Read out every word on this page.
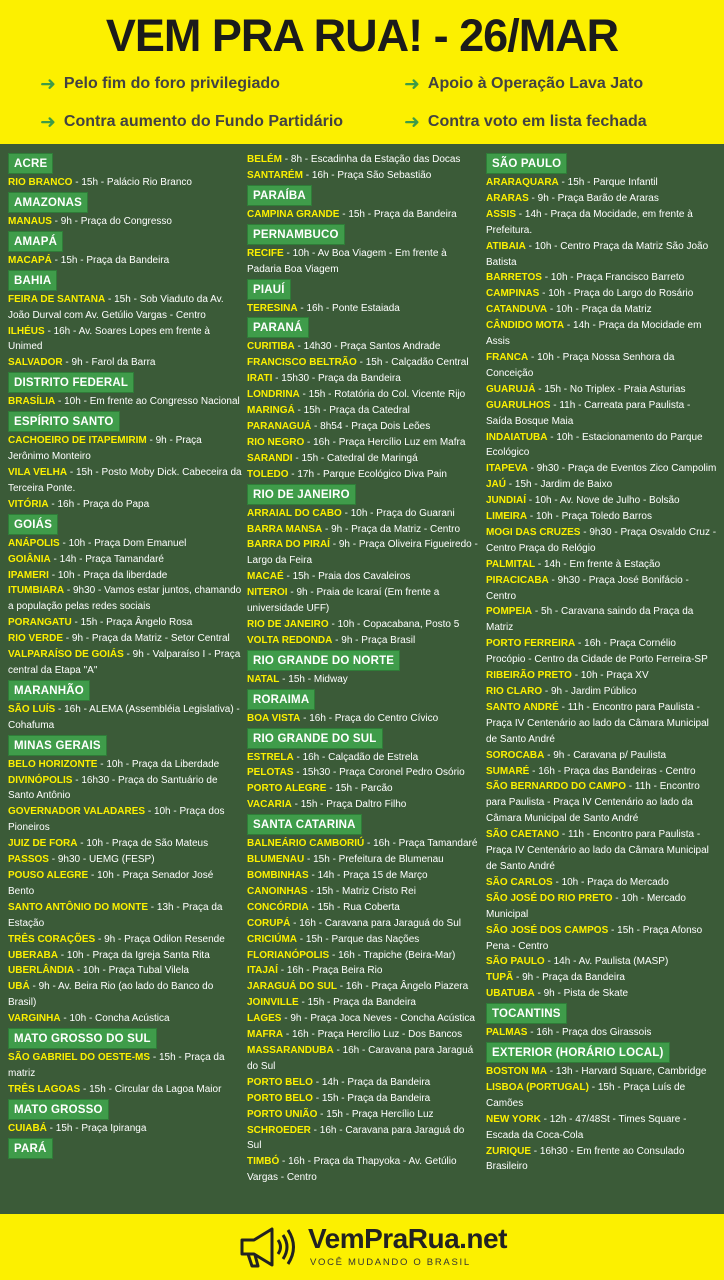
VEM PRA RUA! - 26/MAR
➜ Pelo fim do foro privilegiado	➜ Apoio à Operação Lava Jato
➜ Contra aumento do Fundo Partidário	➜ Contra voto em lista fechada
ACRE

RIO BRANCO - 15h - Palácio Rio Branco
AMAZONAS

MANAUS - 9h - Praça do Congresso
AMAPÁ

MACAPÁ - 15h - Praça da Bandeira
BAHIA

FEIRA DE SANTANA - 15h - Sob Viaduto da Av. João Durval com Av. Getúlio Vargas - Centro
ILHÉUS - 16h - Av. Soares Lopes em frente à Unimed
SALVADOR - 9h - Farol da Barra
DISTRITO FEDERAL

BRASÍLIA - 10h - Em frente ao Congresso Nacional
ESPÍRITO SANTO

CACHOEIRO DE ITAPEMIRIM - 9h - Praça Jerônimo Monteiro
VILA VELHA - 15h - Posto Moby Dick. Cabeceira da Terceira Ponte.
VITÓRIA - 16h - Praça do Papa
GOIÁS

ANÁPOLIS - 10h - Praça Dom Emanuel
GOIÂNIA - 14h - Praça Tamandaré
IPAMERI - 10h - Praça da liberdade
ITUMBIARA - 9h30 - Vamos estar juntos, chamando a população pelas redes sociais
PORANGATU - 15h - Praça Ângelo Rosa
RIO VERDE - 9h - Praça da Matriz - Setor Central
VALPARAÍSO DE GOIÁS - 9h - Valparaíso I - Praça central da Etapa "A"
MARANHÃO

SÃO LUÍS - 16h - ALEMA (Assembléia Legislativa) - Cohafuma
MINAS GERAIS

BELO HORIZONTE - 10h - Praça da Liberdade
DIVINÓPOLIS - 16h30 - Praça do Santuário de Santo Antônio
GOVERNADOR VALADARES - 10h - Praça dos Pioneiros
JUIZ DE FORA - 10h - Praça de São Mateus
PASSOS - 9h30 - UEMG (FESP)
POUSO ALEGRE - 10h - Praça Senador José Bento
SANTO ANTÔNIO DO MONTE - 13h - Praça da Estação
TRÊS CORAÇÕES - 9h - Praça Odilon Resende
UBERABA - 10h - Praça da Igreja Santa Rita
UBERLÂNDIA - 10h - Praça Tubal Vilela
UBÁ - 9h - Av. Beira Rio (ao lado do Banco do Brasil)
VARGINHA - 10h - Concha Acústica
MATO GROSSO DO SUL

SÃO GABRIEL DO OESTE-MS - 15h - Praça da matriz
TRÊS LAGOAS - 15h - Circular da Lagoa Maior
MATO GROSSO

CUIABÁ - 15h - Praça Ipiranga
PARÁ

BELÉM - 8h - Escadinha da Estação das Docas
SANTARÉM - 16h - Praça São Sebastião
PARAÍBA

CAMPINA GRANDE - 15h - Praça da Bandeira
PERNAMBUCO

RECIFE - 10h - Av Boa Viagem - Em frente à Padaria Boa Viagem
PIAUÍ

TERESINA - 16h - Ponte Estaiada
PARANÁ

CURITIBA - 14h30 - Praça Santos Andrade
FRANCISCO BELTRÃO - 15h - Calçadão Central
IRATI - 15h30 - Praça da Bandeira
LONDRINA - 15h - Rotatória do Col. Vicente Rijo
MARINGÁ - 15h - Praça da Catedral
PARANAGUÁ - 8h54 - Praça Dois Leões
RIO NEGRO - 16h - Praça Hercílio Luz em Mafra
SARANDI - 15h - Catedral de Maringá
TOLEDO - 17h - Parque Ecológico Diva Pain
RIO DE JANEIRO

ARRAIAL DO CABO - 10h - Praça do Guarani
BARRA MANSA - 9h - Praça da Matriz - Centro
BARRA DO PIRAÍ - 9h - Praça Oliveira Figueiredo - Largo da Feira
MACAÉ - 15h - Praia dos Cavaleiros
NITEROI - 9h - Praia de Icaraí (Em frente a universidade UFF)
RIO DE JANEIRO - 10h - Copacabana, Posto 5
VOLTA REDONDA - 9h - Praça Brasil
RIO GRANDE DO NORTE

NATAL - 15h - Midway
RORAIMA

BOA VISTA - 16h - Praça do Centro Cívico
RIO GRANDE DO SUL

ESTRELA - 16h - Calçadão de Estrela
PELOTAS - 15h30 - Praça Coronel Pedro Osório
PORTO ALEGRE - 15h - Parcão
VACARIA - 15h - Praça Daltro Filho
SANTA CATARINA

BALNEÁRIO CAMBORIÚ - 16h - Praça Tamandaré
BLUMENAU - 15h - Prefeitura de Blumenau
BOMBINHAS - 14h - Praça 15 de Março
CANOINHAS - 15h - Matriz Cristo Rei
CONCÓRDIA - 15h - Rua Coberta
CORUPÁ - 16h - Caravana para Jaraguá do Sul
CRICIÚMA - 15h - Parque das Nações
FLORIANÓPOLIS - 16h - Trapiche (Beira-Mar)
ITAJAÍ - 16h - Praça Beira Rio
JARAGUÁ DO SUL - 16h - Praça Ângelo Piazera
JOINVILLE - 15h - Praça da Bandeira
LAGES - 9h - Praça Joca Neves - Concha Acústica
MAFRA - 16h - Praça Hercílio Luz - Dos Bancos
MASSARANDUBA - 16h - Caravana para Jaraguá do Sul
PORTO BELO - 14h - Praça da Bandeira
PORTO BELO - 15h - Praça da Bandeira
PORTO UNIÃO - 15h - Praça Hercílio Luz
SCHROEDER - 16h - Caravana para Jaraguá do Sul
TIMBÓ - 16h - Praça da Thapyoka - Av. Getúlio Vargas - Centro
SÃO PAULO

ARARAQUARA - 15h - Parque Infantil
ARARAS - 9h - Praça Barão de Araras
ASSIS - 14h - Praça da Mocidade, em frente à Prefeitura.
ATIBAIA - 10h - Centro Praça da Matriz São João Batista
BARRETOS - 10h - Praça Francisco Barreto
CAMPINAS - 10h - Praça do Largo do Rosário
CATANDUVA - 10h - Praça da Matriz
CÂNDIDO MOTA - 14h - Praça da Mocidade em Assis
FRANCA - 10h - Praça Nossa Senhora da Conceição
GUARUJÁ - 15h - No Triplex - Praia Asturias
GUARULHOS - 11h - Carreata para Paulista - Saída Bosque Maia
INDAIATUBA - 10h - Estacionamento do Parque Ecológico
ITAPEVA - 9h30 - Praça de Eventos Zico Campolim
JAÚ - 15h - Jardim de Baixo
JUNDIAÍ - 10h - Av. Nove de Julho - Bolsão
LIMEIRA - 10h - Praça Toledo Barros
MOGI DAS CRUZES - 9h30 - Praça Osvaldo Cruz - Centro Praça do Relógio
PALMITAL - 14h - Em frente à Estação
PIRACICABA - 9h30 - Praça José Bonifácio - Centro
POMPEIA - 5h - Caravana saindo da Praça da Matriz
PORTO FERREIRA - 16h - Praça Cornélio Procópio - Centro da Cidade de Porto Ferreira-SP
RIBEIRÃO PRETO - 10h - Praça XV
RIO CLARO - 9h - Jardim Público
SANTO ANDRÉ - 11h - Encontro para Paulista - Praça IV Centenário ao lado da Câmara Municipal de Santo André
SOROCABA - 9h - Caravana p/ Paulista
SUMARÉ - 16h - Praça das Bandeiras - Centro
SÃO BERNARDO DO CAMPO - 11h - Encontro para Paulista - Praça IV Centenário ao lado da Câmara Municipal de Santo André
SÃO CAETANO - 11h - Encontro para Paulista - Praça IV Centenário ao lado da Câmara Municipal de Santo André
SÃO CARLOS - 10h - Praça do Mercado
SÃO JOSÉ DO RIO PRETO - 10h - Mercado Municipal
SÃO JOSÉ DOS CAMPOS - 15h - Praça Afonso Pena - Centro
SÃO PAULO - 14h - Av. Paulista (MASP)
TUPÃ - 9h - Praça da Bandeira
UBATUBA - 9h - Pista de Skate
TOCANTINS

PALMAS - 16h - Praça dos Girassois
EXTERIOR (HORÁRIO LOCAL)

BOSTON MA - 13h - Harvard Square, Cambridge
LISBOA (PORTUGAL) - 15h - Praça Luís de Camões
NEW YORK - 12h - 47/48St - Times Square - Escada da Coca-Cola
ZURIQUE - 16h30 - Em frente ao Consulado Brasileiro
VemPraRua.net
VOCÊ MUDANDO O BRASIL
